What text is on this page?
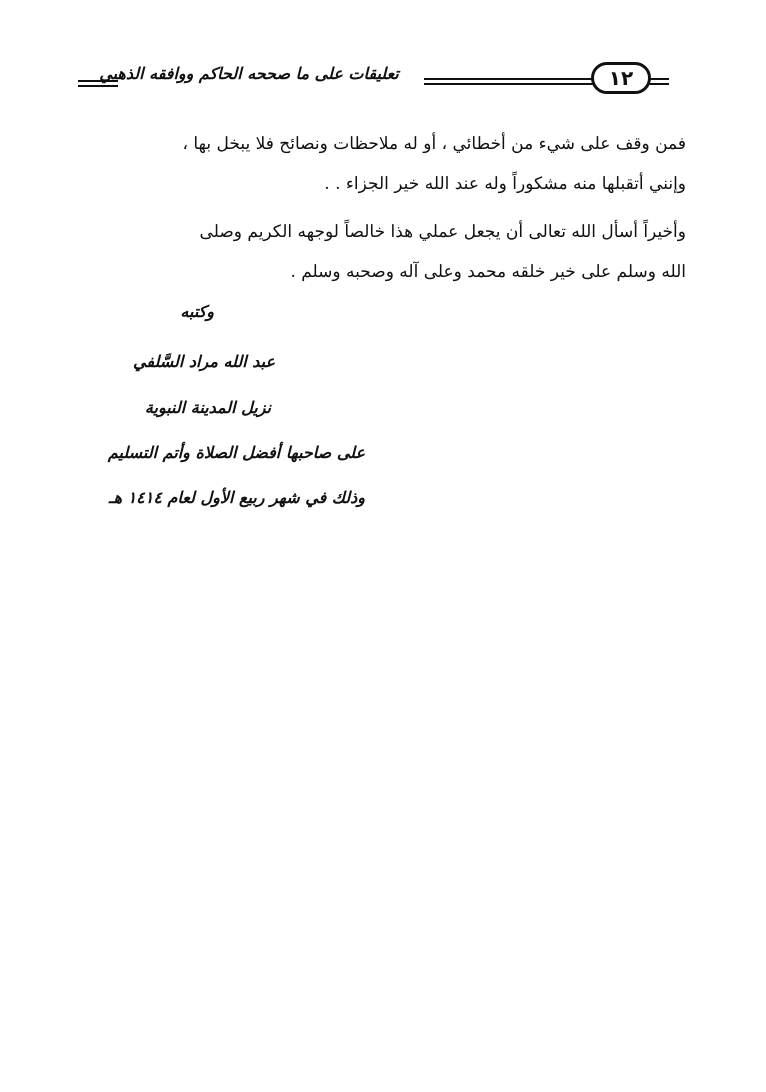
تعليقات على ما صححه الحاكم ووافقه الذهبي	١٢
فمن وقف على شيء من أخطائي ، أو له ملاحظات ونصائح فلا يبخل بها ،
وإنني أتقبلها منه مشكوراً وله عند الله خير الجزاء . .
وأخيراً أسأل الله تعالى أن يجعل عملي هذا خالصاً لوجهه الكريم وصلى
الله وسلم على خير خلقه محمد وعلى آله وصحبه وسلم .
وكتبه
عبد الله مراد السَّلفي
نزيل المدينة النبوية
على صاحبها أفضل الصلاة وأتم التسليم
وذلك في شهر ربيع الأول لعام ١٤١٤ هـ
